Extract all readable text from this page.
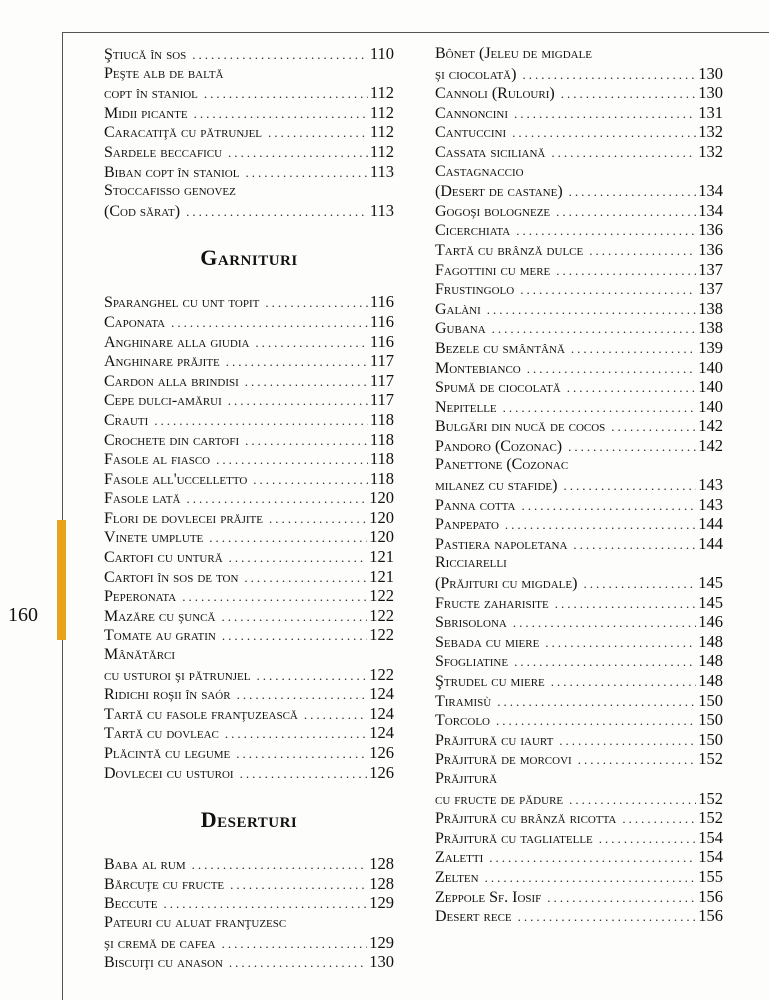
160
Ştiucă în sos .....	110
Peşte alb de baltă
copt în staniol .....	112
Midii picante .....	112
Caracatiţă cu pătrunjel .....	112
Sardele beccaficu .....	112
Biban copt în staniol .....	113
Stoccafisso genovez
(Cod sărat) .....	113
Garnituri
Sparanghel cu unt topit .....	116
Caponata .....	116
Anghinare alla giudia .....	116
Anghinare prăjite .....	117
Cardon alla brindisi .....	117
Cepe dulci-amărui .....	117
Crauti .....	118
Crochete din cartofi .....	118
Fasole al fiasco .....	118
Fasole all'uccelletto .....	118
Fasole lată .....	120
Flori de dovlecei prăjite .....	120
Vinete umplute .....	120
Cartofi cu untură .....	121
Cartofi în sos de ton .....	121
Peperonata .....	122
Mazăre cu şuncă .....	122
Tomate au gratin .....	122
Mânătărci
cu usturoi şi pătrunjel .....	122
Ridichi roşii în saór .....	124
Tartă cu fasole franţuzească .....	124
Tartă cu dovleac .....	124
Plăcintă cu legume .....	126
Dovlecei cu usturoi .....	126
Deserturi
Baba al rum .....	128
Bărcuţe cu fructe .....	128
Beccute .....	129
Pateuri cu aluat franţuzesc
şi cremă de cafea .....	129
Biscuiţi cu anason .....	130
Bônet (Jeleu de migdale
şi ciocolată) .....	130
Cannoli (Rulouri) .....	130
Cannoncini .....	131
Cantuccini .....	132
Cassata siciliană .....	132
Castagnaccio
(Desert de castane) .....	134
Gogoşi bologneze .....	134
Cicerchiata .....	136
Tartă cu brânză dulce .....	136
Fagottini cu mere .....	137
Frustingolo .....	137
Galàni .....	138
Gubana .....	138
Bezele cu smântână .....	139
Montebianco .....	140
Spumă de ciocolată .....	140
Nepitelle .....	140
Bulgări din nucă de cocos .....	142
Pandoro (Cozonac) .....	142
Panettone (Cozonac
milanez cu stafide) .....	143
Panna cotta .....	143
Panpepato .....	144
Pastiera napoletana .....	144
Ricciarelli
(Prăjituri cu migdale) .....	145
Fructe zaharisite .....	145
Sbrisolona .....	146
Sebada cu miere .....	148
Sfogliatine .....	148
Ştrudel cu miere .....	148
Tiramisù .....	150
Torcolo .....	150
Prăjitură cu iaurt .....	150
Prăjitură de morcovi .....	152
Prăjitură
cu fructe de pădure .....	152
Prăjitură cu brânză ricotta .....	152
Prăjitură cu tagliatelle .....	154
Zaletti .....	154
Zelten .....	155
Zeppole Sf. Iosif .....	156
Desert rece .....	156
